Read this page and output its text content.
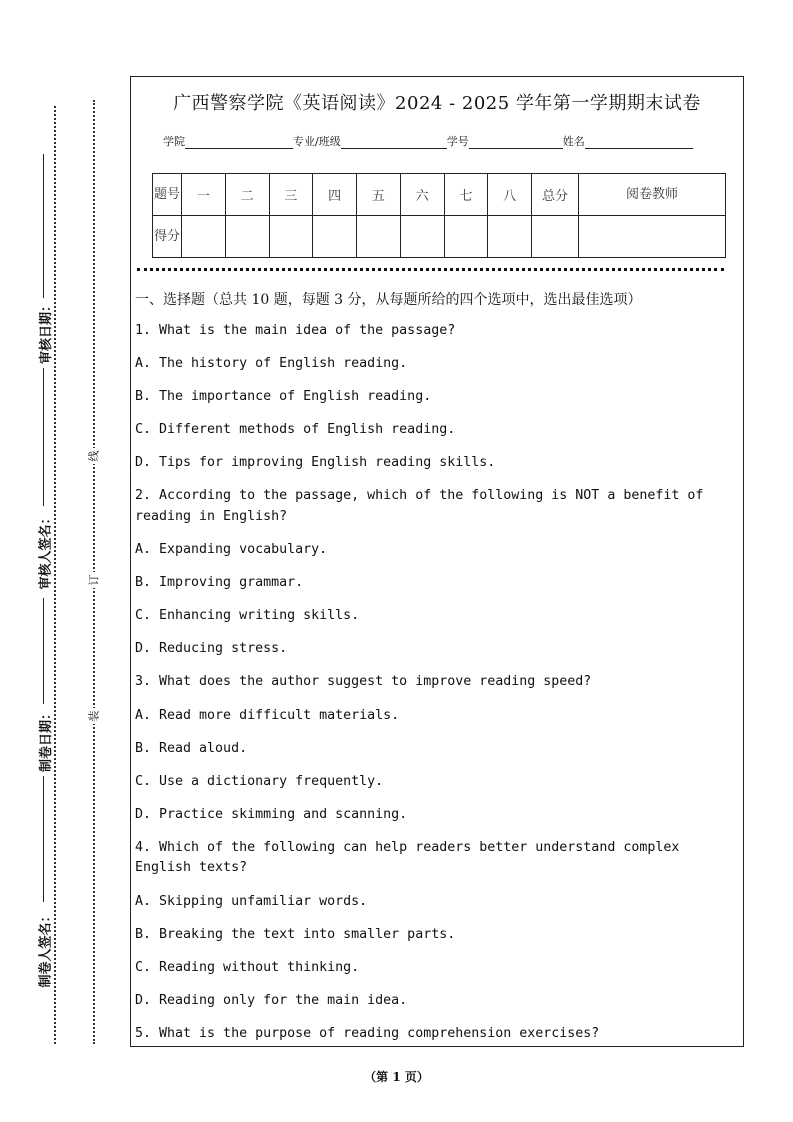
审核日期：
审核人签名：
制卷日期：
制卷人签名：
线
订
装
广西警察学院《英语阅读》2024 - 2025 学年第一学期期末试卷
学院	专业/班级	学号	姓名
题号	一	二	三	四	五	六	七	八	总分	阅卷教师
得分										
一、选择题（总共 10 题，每题 3 分，从每题所给的四个选项中，选出最佳选项）
1. What is the main idea of the passage?
A. The history of English reading.
B. The importance of English reading.
C. Different methods of English reading.
D. Tips for improving English reading skills.
2. According to the passage, which of the following is NOT a benefit of reading in English?
A. Expanding vocabulary.
B. Improving grammar.
C. Enhancing writing skills.
D. Reducing stress.
3. What does the author suggest to improve reading speed?
A. Read more difficult materials.
B. Read aloud.
C. Use a dictionary frequently.
D. Practice skimming and scanning.
4. Which of the following can help readers better understand complex English texts?
A. Skipping unfamiliar words.
B. Breaking the text into smaller parts.
C. Reading without thinking.
D. Reading only for the main idea.
5. What is the purpose of reading comprehension exercises?
（第 1 页）
